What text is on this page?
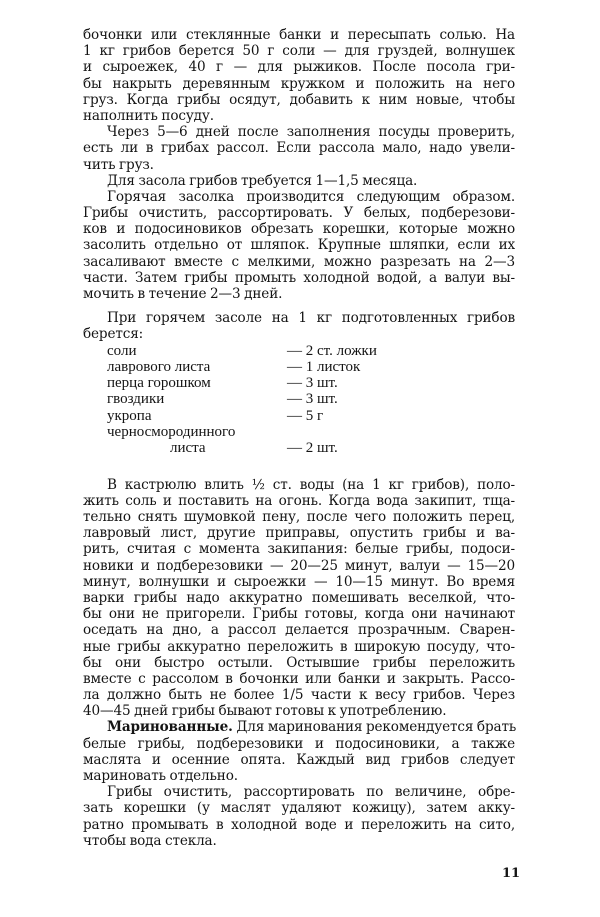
бочонки или стеклянные банки и пересыпать солью. На
1 кг грибов берется 50 г соли — для груздей, волнушек
и сыроежек, 40 г — для рыжиков. После посола гри-
бы накрыть деревянным кружком и положить на него
груз. Когда грибы осядут, добавить к ним новые, чтобы
наполнить посуду.
Через 5—6 дней после заполнения посуды проверить,
есть ли в грибах рассол. Если рассола мало, надо увели-
чить груз.
Для засола грибов требуется 1—1,5 месяца.
Горячая засолка производится следующим образом.
Грибы очистить, рассортировать. У белых, подберезови-
ков и подосиновиков обрезать корешки, которые можно
засолить отдельно от шляпок. Крупные шляпки, если их
засаливают вместе с мелкими, можно разрезать на 2—3
части. Затем грибы промыть холодной водой, а валуи вы-
мочить в течение 2—3 дней.
При горячем засоле на 1 кг подготовленных грибов
берется:
соли	— 2 ст. ложки
лаврового листа	— 1 листок
перца горошком	— 3 шт.
гвоздики	— 3 шт.
укропа	— 5 г
черносмородинного
листа	— 2 шт.
В кастрюлю влить ½ ст. воды (на 1 кг грибов), поло-
жить соль и поставить на огонь. Когда вода закипит, тща-
тельно снять шумовкой пену, после чего положить перец,
лавровый лист, другие приправы, опустить грибы и ва-
рить, считая с момента закипания: белые грибы, подоси-
новики и подберезовики — 20—25 минут, валуи — 15—20
минут, волнушки и сыроежки — 10—15 минут. Во время
варки грибы надо аккуратно помешивать веселкой, что-
бы они не пригорели. Грибы готовы, когда они начинают
оседать на дно, а рассол делается прозрачным. Сварен-
ные грибы аккуратно переложить в широкую посуду, что-
бы они быстро остыли. Остывшие грибы переложить
вместе с рассолом в бочонки или банки и закрыть. Рассо-
ла должно быть не более 1/5 части к весу грибов. Через
40—45 дней грибы бывают готовы к употреблению.
Маринованные. Для маринования рекомендуется брать
белые грибы, подберезовики и подосиновики, а также
маслята и осенние опята. Каждый вид грибов следует
мариновать отдельно.
Грибы очистить, рассортировать по величине, обре-
зать корешки (у маслят удаляют кожицу), затем акку-
ратно промывать в холодной воде и переложить на сито,
чтобы вода стекла.
11
